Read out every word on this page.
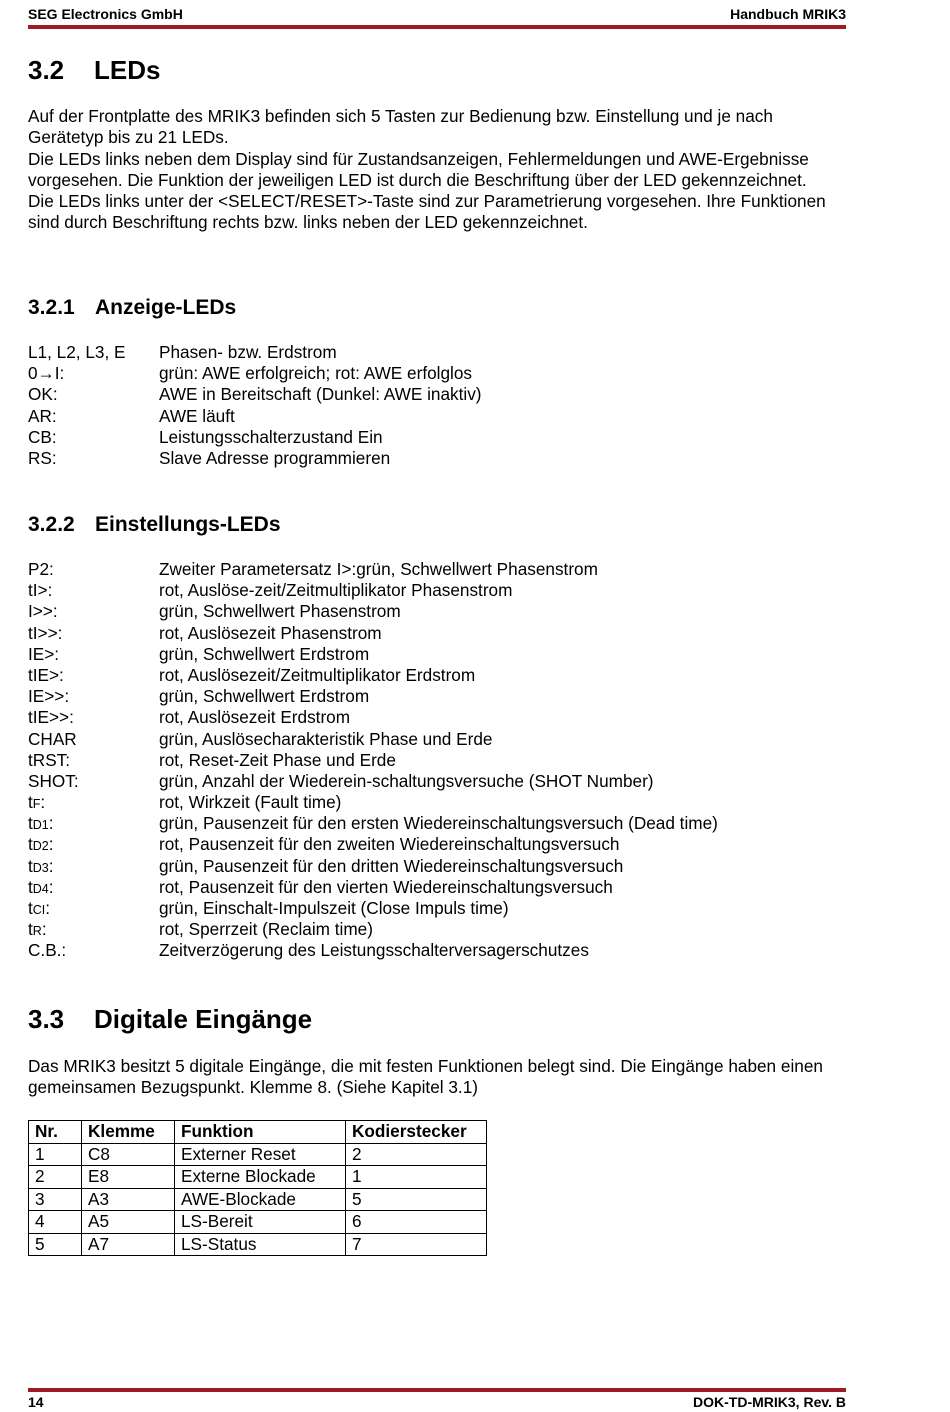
SEG Electronics GmbH	Handbuch MRIK3
3.2 LEDs

Auf der Frontplatte des MRIK3 befinden sich 5 Tasten zur Bedienung bzw. Einstellung und je nach Gerätetyp bis zu 21 LEDs.

Die LEDs links neben dem Display sind für Zustandsanzeigen, Fehlermeldungen und AWE-Ergebnisse vorgesehen. Die Funktion der jeweiligen LED ist durch die Beschriftung über der LED gekennzeichnet.

Die LEDs links unter der <SELECT/RESET>-Taste sind zur Parametrierung vorgesehen. Ihre Funktionen sind durch Beschriftung rechts bzw. links neben der LED gekennzeichnet.

3.2.1 Anzeige-LEDs
L1, L2, L3, E Phasen- bzw. Erdstrom
0→I:	grün: AWE erfolgreich; rot: AWE erfolglos
OK:	AWE in Bereitschaft (Dunkel: AWE inaktiv)
AR:	AWE läuft
CB:	Leistungsschalterzustand Ein
RS:	Slave Adresse programmieren
3.2.2 Einstellungs-LEDs
P2:	Zweiter Parametersatz I>:grün, Schwellwert Phasenstrom
tI>:	rot, Auslöse-zeit/Zeitmultiplikator Phasenstrom
I>>:	grün, Schwellwert Phasenstrom
tI>>:	rot, Auslösezeit Phasenstrom
IE>:	grün, Schwellwert Erdstrom
tIE>:	rot, Auslösezeit/Zeitmultiplikator Erdstrom
IE>>:	grün, Schwellwert Erdstrom
tIE>>:	rot, Auslösezeit Erdstrom
CHAR	grün, Auslösecharakteristik Phase und Erde
tRST:	rot, Reset-Zeit Phase und Erde
SHOT:	grün, Anzahl der Wiederein-schaltungsversuche (SHOT Number)
tF:	rot, Wirkzeit (Fault time)
tD1:	grün, Pausenzeit für den ersten Wiedereinschaltungsversuch (Dead time)
tD2:	rot, Pausenzeit für den zweiten Wiedereinschaltungsversuch
tD3:	grün, Pausenzeit für den dritten Wiedereinschaltungsversuch
tD4:	rot, Pausenzeit für den vierten Wiedereinschaltungsversuch
tCI:	grün, Einschalt-Impulszeit (Close Impuls time)
tR:	rot, Sperrzeit (Reclaim time)
C.B.:	Zeitverzögerung des Leistungsschalterversagerschutzes
3.3 Digitale Eingänge

Das MRIK3 besitzt 5 digitale Eingänge, die mit festen Funktionen belegt sind. Die Eingänge haben einen gemeinsamen Bezugspunkt. Klemme 8. (Siehe Kapitel 3.1)

Nr.	Klemme	Funktion	Kodierstecker
1	C8	Externer Reset	2
2	E8	Externe Blockade	1
3	A3	AWE-Blockade	5
4	A5	LS-Bereit	6
5	A7	LS-Status	7
14	DOK-TD-MRIK3, Rev. B
